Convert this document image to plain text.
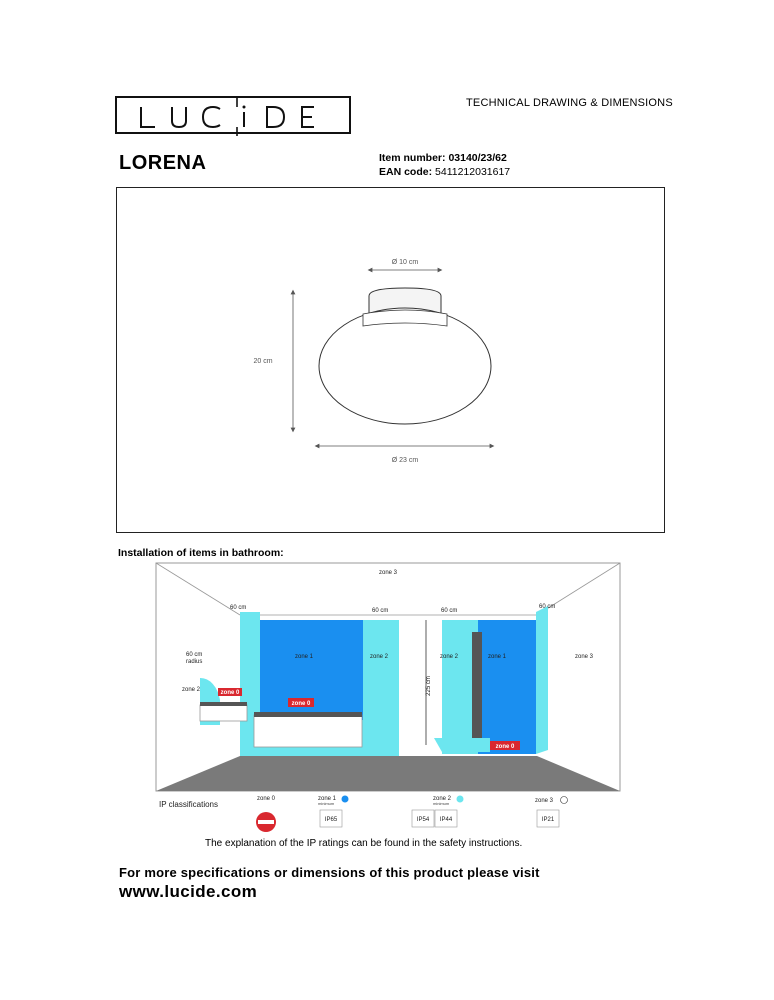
TECHNICAL DRAWING & DIMENSIONS
LORENA	Item number: 03140/23/62
EAN code: 5411212031617
Ø 10 cm
20 cm
Ø 23 cm
Installation of items in bathroom:
zone 0
zone 0
zone 2
60 cm
radius
zone 0
225 cm
zone 3
60 cm	60 cm	60 cm
60 cm
zone 1	zone 2	zone 2	zone 1	zone 3
IP classifications
zone 0	zone 1
minimum
IP65
zone 2
minimum
IP54 IP44
zone 3
IP21
The explanation of the IP ratings can be found in the safety instructions.
For more specifications or dimensions of this product please visit
www.lucide.com
